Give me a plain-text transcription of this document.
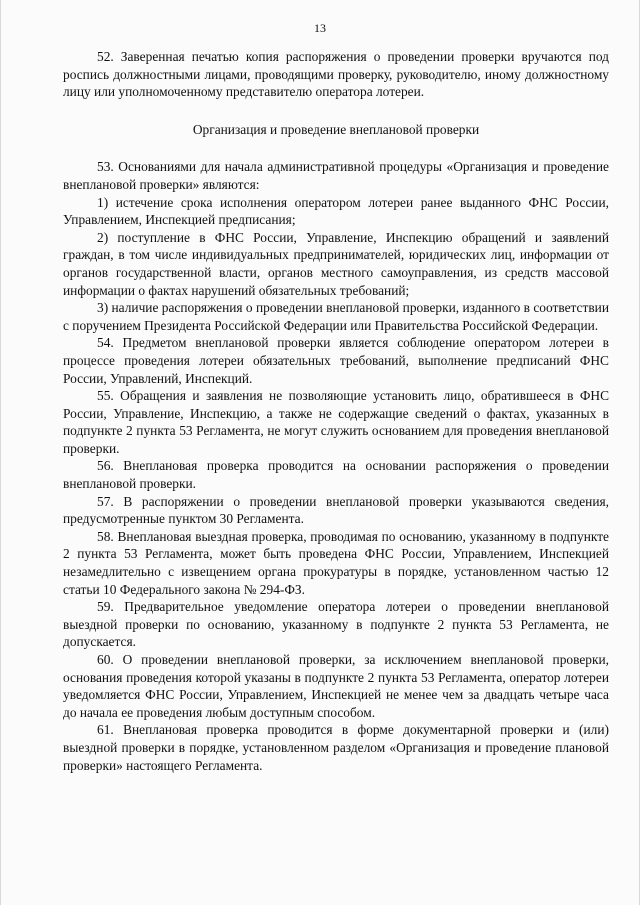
13

52. Заверенная печатью копия распоряжения о проведении проверки вручаются под роспись должностными лицами, проводящими проверку, руководителю, иному должностному лицу или уполномоченному представителю оператора лотереи.

Организация и проведение внеплановой проверки

53. Основаниями для начала административной процедуры «Организация и проведение внеплановой проверки» являются:

1) истечение срока исполнения оператором лотереи ранее выданного ФНС России, Управлением, Инспекцией предписания;

2) поступление в ФНС России, Управление, Инспекцию обращений и заявлений граждан, в том числе индивидуальных предпринимателей, юридических лиц, информации от органов государственной власти, органов местного самоуправления, из средств массовой информации о фактах нарушений обязательных требований;

3) наличие распоряжения о проведении внеплановой проверки, изданного в соответствии с поручением Президента Российской Федерации или Правительства Российской Федерации.

54. Предметом внеплановой проверки является соблюдение оператором лотереи в процессе проведения лотереи обязательных требований, выполнение предписаний ФНС России, Управлений, Инспекций.

55. Обращения и заявления не позволяющие установить лицо, обратившееся в ФНС России, Управление, Инспекцию, а также не содержащие сведений о фактах, указанных в подпункте 2 пункта 53 Регламента, не могут служить основанием для проведения внеплановой проверки.

56. Внеплановая проверка проводится на основании распоряжения о проведении внеплановой проверки.

57. В распоряжении о проведении внеплановой проверки указываются сведения, предусмотренные пунктом 30 Регламента.

58. Внеплановая выездная проверка, проводимая по основанию, указанному в подпункте 2 пункта 53 Регламента, может быть проведена ФНС России, Управлением, Инспекцией незамедлительно с извещением органа прокуратуры в порядке, установленном частью 12 статьи 10 Федерального закона № 294-ФЗ.

59. Предварительное уведомление оператора лотереи о проведении внеплановой выездной проверки по основанию, указанному в подпункте 2 пункта 53 Регламента, не допускается.

60. О проведении внеплановой проверки, за исключением внеплановой проверки, основания проведения которой указаны в подпункте 2 пункта 53 Регламента, оператор лотереи уведомляется ФНС России, Управлением, Инспекцией не менее чем за двадцать четыре часа до начала ее проведения любым доступным способом.

61. Внеплановая проверка проводится в форме документарной проверки и (или) выездной проверки в порядке, установленном разделом «Организация и проведение плановой проверки» настоящего Регламента.
